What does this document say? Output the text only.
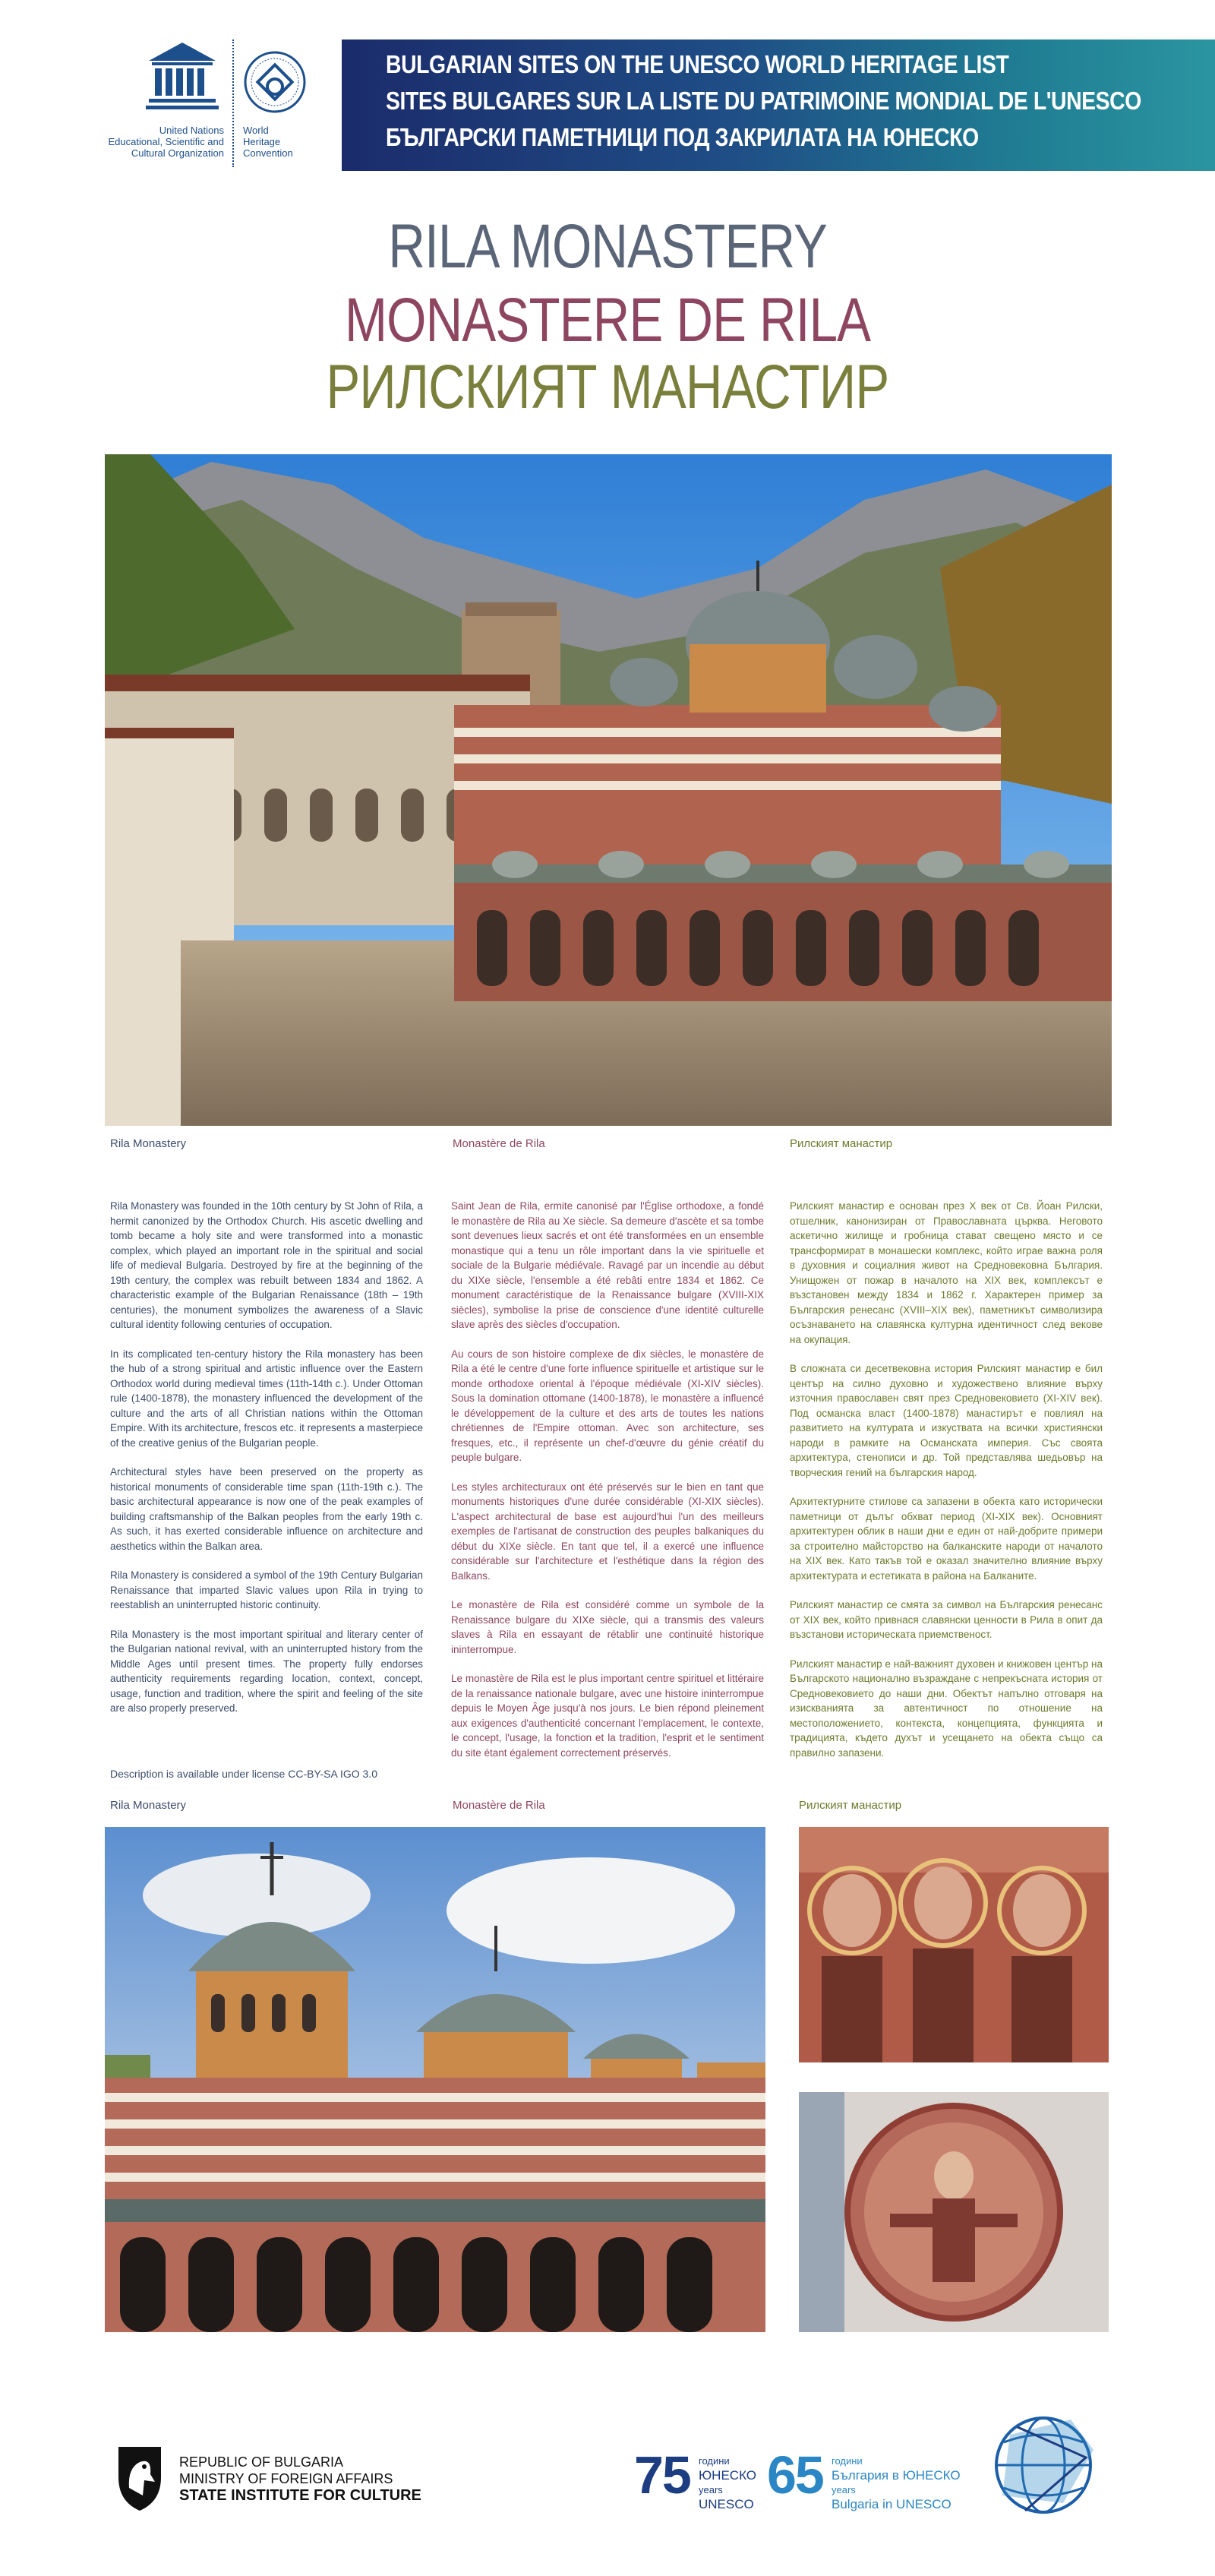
United Nations
Educational, Scientific and
Cultural Organization
World
Heritage
Convention
BULGARIAN SITES ON THE UNESCO WORLD HERITAGE LIST
SITES BULGARES SUR LA LISTE DU PATRIMOINE MONDIAL DE L'UNESCO
БЪЛГАРСКИ ПАМЕТНИЦИ ПОД ЗАКРИЛАТА НА ЮНЕСКО
RILA MONASTERY
MONASTERE DE RILA
РИЛСКИЯТ МАНАСТИР
Rila Monastery	Monastère de Rila	Рилският манастир

Rila Monastery was founded in the 10th century by St John of Rila, a hermit canonized by the Orthodox Church. His ascetic dwelling and tomb became a holy site and were transformed into a monastic complex, which played an important role in the spiritual and social life of medieval Bulgaria. Destroyed by fire at the beginning of the 19th century, the complex was rebuilt between 1834 and 1862. A characteristic example of the Bulgarian Renaissance (18th – 19th centuries), the monument symbolizes the awareness of a Slavic cultural identity following centuries of occupation.

In its complicated ten-century history the Rila monastery has been the hub of a strong spiritual and artistic influence over the Eastern Orthodox world during medieval times (11th-14th c.). Under Ottoman rule (1400-1878), the monastery influenced the development of the culture and the arts of all Christian nations within the Ottoman Empire. With its architecture, frescos etc. it represents a masterpiece of the creative genius of the Bulgarian people.

Architectural styles have been preserved on the property as historical monuments of considerable time span (11th-19th c.). The basic architectural appearance is now one of the peak examples of building craftsmanship of the Balkan peoples from the early 19th c. As such, it has exerted considerable influence on architecture and aesthetics within the Balkan area.

Rila Monastery is considered a symbol of the 19th Century Bulgarian Renaissance that imparted Slavic values upon Rila in trying to reestablish an uninterrupted historic continuity.

Rila Monastery is the most important spiritual and literary center of the Bulgarian national revival, with an uninterrupted history from the Middle Ages until present times. The property fully endorses authenticity requirements regarding location, context, concept, usage, function and tradition, where the spirit and feeling of the site are also properly preserved.

Saint Jean de Rila, ermite canonisé par l'Église orthodoxe, a fondé le monastère de Rila au Xe siècle. Sa demeure d'ascète et sa tombe sont devenues lieux sacrés et ont été transformées en un ensemble monastique qui a tenu un rôle important dans la vie spirituelle et sociale de la Bulgarie médiévale. Ravagé par un incendie au début du XIXe siècle, l'ensemble a été rebâti entre 1834 et 1862. Ce monument caractéristique de la Renaissance bulgare (XVIII-XIX siècles), symbolise la prise de conscience d'une identité culturelle slave après des siècles d'occupation.

Au cours de son histoire complexe de dix siècles, le monastère de Rila a été le centre d'une forte influence spirituelle et artistique sur le monde orthodoxe oriental à l'époque médiévale (XI-XIV siècles). Sous la domination ottomane (1400-1878), le monastère a influencé le développement de la culture et des arts de toutes les nations chrétiennes de l'Empire ottoman. Avec son architecture, ses fresques, etc., il représente un chef-d'œuvre du génie créatif du peuple bulgare.

Les styles architecturaux ont été préservés sur le bien en tant que monuments historiques d'une durée considérable (XI-XIX siècles). L'aspect architectural de base est aujourd'hui l'un des meilleurs exemples de l'artisanat de construction des peuples balkaniques du début du XIXe siècle. En tant que tel, il a exercé une influence considérable sur l'architecture et l'esthétique dans la région des Balkans.

Le monastère de Rila est considéré comme un symbole de la Renaissance bulgare du XIXe siècle, qui a transmis des valeurs slaves à Rila en essayant de rétablir une continuité historique ininterrompue.

Le monastère de Rila est le plus important centre spirituel et littéraire de la renaissance nationale bulgare, avec une histoire ininterrompue depuis le Moyen Âge jusqu'à nos jours. Le bien répond pleinement aux exigences d'authenticité concernant l'emplacement, le contexte, le concept, l'usage, la fonction et la tradition, l'esprit et le sentiment du site étant également correctement préservés.

Рилският манастир е основан през X век от Св. Йоан Рилски, отшелник, канонизиран от Православната църква. Неговото аскетично жилище и гробница стават свещено място и се трансформират в монашески комплекс, който играе важна роля в духовния и социалния живот на Средновековна България. Унищожен от пожар в началото на XIX век, комплексът е възстановен между 1834 и 1862 г. Характерен пример за Българския ренесанс (XVIII–XIX век), паметникът символизира осъзнаването на славянска културна идентичност след векове на окупация.

В сложната си десетвековна история Рилският манастир е бил център на силно духовно и художествено влияние върху източния православен свят през Средновековието (XI-XIV век). Под османска власт (1400-1878) манастирът е повлиял на развитието на културата и изкуствата на всички християнски народи в рамките на Османската империя. Със своята архитектура, стенописи и др. Той представлява шедьовър на творческия гений на българския народ.

Архитектурните стилове са запазени в обекта като исторически паметници от дълъг обхват период (XI-XIX век). Основният архитектурен облик в наши дни е един от най-добрите примери за строително майсторство на балканските народи от началото на XIX век. Като такъв той е оказал значително влияние върху архитектурата и естетиката в района на Балканите.

Рилският манастир се смята за символ на Българския ренесанс от XIX век, който привнася славянски ценности в Рила в опит да възстанови историческата приемственост.

Рилският манастир е най-важният духовен и книжовен център на Българското национално възраждане с непрекъсната история от Средновековието до наши дни. Обектът напълно отговаря на изискванията за автентичност по отношение на местоположението, контекста, концепцията, функцията и традицията, където духът и усещането на обекта също са правилно запазени.

Description is available under license CC-BY-SA IGO 3.0
Rila Monastery	Monastère de Rila	Рилският манастир
REPUBLIC OF BULGARIA
MINISTRY OF FOREIGN AFFAIRS
STATE INSTITUTE FOR CULTURE	75 години
ЮНЕСКО
years
UNESCO 65 години
България в ЮНЕСКО
years
Bulgaria in UNESCO
